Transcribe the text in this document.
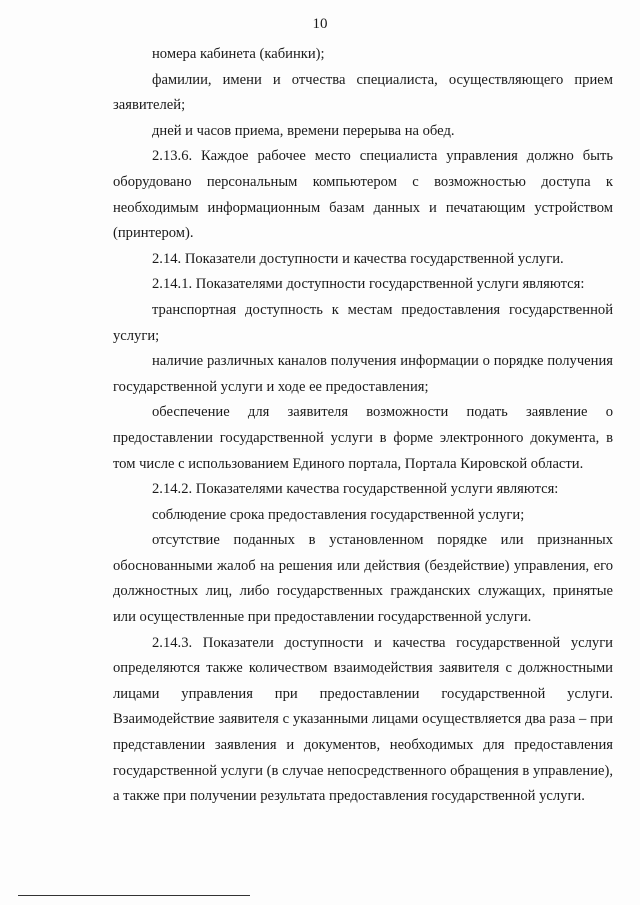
10

номера кабинета (кабинки);

фамилии, имени и отчества специалиста, осуществляющего прием заявителей;

дней и часов приема, времени перерыва на обед.

2.13.6. Каждое рабочее место специалиста управления должно быть оборудовано персональным компьютером с возможностью доступа к необходимым информационным базам данных и печатающим устройством (принтером).

2.14. Показатели доступности и качества государственной услуги.

2.14.1. Показателями доступности государственной услуги являются:

транспортная доступность к местам предоставления государственной услуги;

наличие различных каналов получения информации о порядке получения государственной услуги и ходе ее предоставления;

обеспечение для заявителя возможности подать заявление о предоставлении государственной услуги в форме электронного документа, в том числе с использованием Единого портала, Портала Кировской области.

2.14.2. Показателями качества государственной услуги являются:

соблюдение срока предоставления государственной услуги;

отсутствие поданных в установленном порядке или признанных обоснованными жалоб на решения или действия (бездействие) управления, его должностных лиц, либо государственных гражданских служащих, принятые или осуществленные при предоставлении государственной услуги.

2.14.3. Показатели доступности и качества государственной услуги определяются также количеством взаимодействия заявителя с должностными лицами управления при предоставлении государственной услуги. Взаимодействие заявителя с указанными лицами осуществляется два раза – при представлении заявления и документов, необходимых для предоставления государственной услуги (в случае непосредственного обращения в управление), а также при получении результата предоставления государственной услуги.
